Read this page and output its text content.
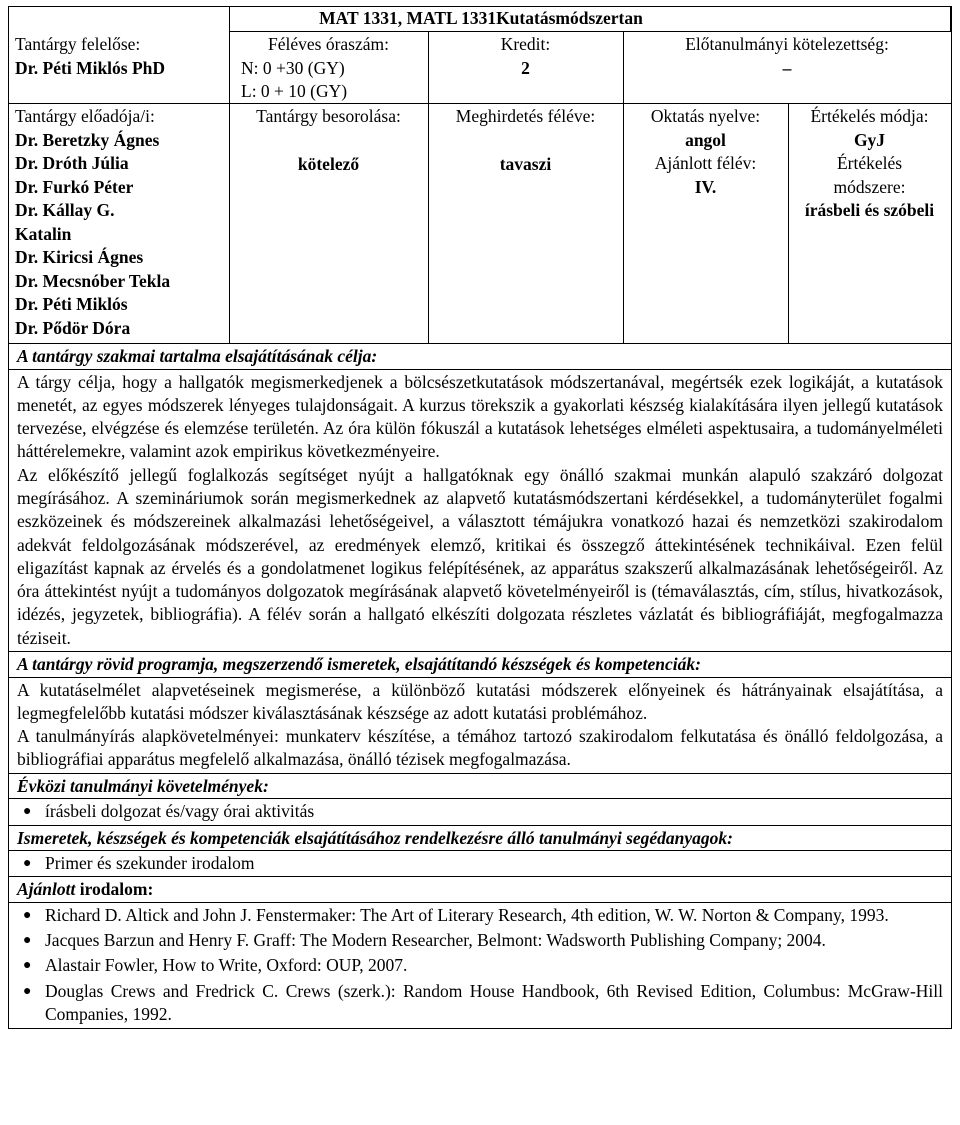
MAT 1331, MATL 1331Kutatásmódszertan
Tantárgy felelőse:
Dr. Péti Miklós PhD
Féléves óraszám:
N: 0 +30 (GY)
L: 0 + 10 (GY)
Kredit:
2
Előtanulmányi kötelezettség:
–
Tantárgy előadója/i:
Dr. Beretzky Ágnes
Dr. Dróth Júlia
Dr. Furkó Péter
Dr. Kállay G.
Katalin
Dr. Kiricsi Ágnes
Dr. Mecsnóber Tekla
Dr. Péti Miklós
Dr. Pődör Dóra
Tantárgy besorolása:
kötelező
Meghirdetés féléve:
tavaszi
Oktatás nyelve:
angol
Ajánlott félév:
IV.
Értékelés módja:
GyJ
Értékelés
módszere:
írásbeli és szóbeli
A tantárgy szakmai tartalma elsajátításának célja:

A tárgy célja, hogy a hallgatók megismerkedjenek a bölcsészetkutatások módszertanával, megértsék ezek logikáját, a kutatások menetét, az egyes módszerek lényeges tulajdonságait. A kurzus törekszik a gyakorlati készség kialakítására ilyen jellegű kutatások tervezése, elvégzése és elemzése területén. Az óra külön fókuszál a kutatások lehetséges elméleti aspektusaira, a tudományelméleti háttérelemekre, valamint azok empirikus következményeire.

Az előkészítő jellegű foglalkozás segítséget nyújt a hallgatóknak egy önálló szakmai munkán alapuló szakzáró dolgozat megírásához. A szemináriumok során megismerkednek az alapvető kutatásmódszertani kérdésekkel, a tudományterület fogalmi eszközeinek és módszereinek alkalmazási lehetőségeivel, a választott témájukra vonatkozó hazai és nemzetközi szakirodalom adekvát feldolgozásának módszerével, az eredmények elemző, kritikai és összegző áttekintésének technikáival. Ezen felül eligazítást kapnak az érvelés és a gondolatmenet logikus felépítésének, az apparátus szakszerű alkalmazásának lehetőségeiről. Az óra áttekintést nyújt a tudományos dolgozatok megírásának alapvető követelményeiről is (témaválasztás, cím, stílus, hivatkozások, idézés, jegyzetek, bibliográfia). A félév során a hallgató elkészíti dolgozata részletes vázlatát és bibliográfiáját, megfogalmazza téziseit.

A tantárgy rövid programja, megszerzendő ismeretek, elsajátítandó készségek és kompetenciák:

A kutatáselmélet alapvetéseinek megismerése, a különböző kutatási módszerek előnyeinek és hátrányainak elsajátítása, a legmegfelelőbb kutatási módszer kiválasztásának készsége az adott kutatási problémához.

A tanulmányírás alapkövetelményei: munkaterv készítése, a témához tartozó szakirodalom felkutatása és önálló feldolgozása, a bibliográfiai apparátus megfelelő alkalmazása, önálló tézisek megfogalmazása.

Évközi tanulmányi követelmények:
● írásbeli dolgozat és/vagy órai aktivitás
Ismeretek, készségek és kompetenciák elsajátításához rendelkezésre álló tanulmányi segédanyagok:
● Primer és szekunder irodalom
Ajánlott irodalom:
● Richard D. Altick and John J. Fenstermaker: The Art of Literary Research, 4th edition, W. W. Norton & Company, 1993.
● Jacques Barzun and Henry F. Graff: The Modern Researcher, Belmont: Wadsworth Publishing Company; 2004.
● Alastair Fowler, How to Write, Oxford: OUP, 2007.
● Douglas Crews and Fredrick C. Crews (szerk.): Random House Handbook, 6th Revised Edition, Columbus: McGraw-Hill Companies, 1992.
